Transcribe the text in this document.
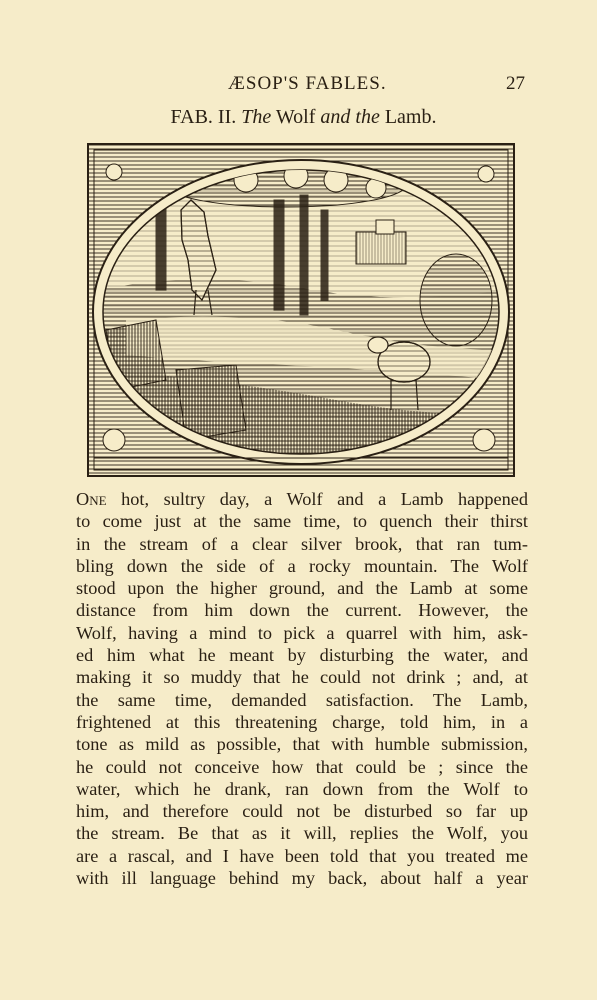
ÆSOP'S FABLES.	27
FAB. II. The Wolf and the Lamb.
One hot, sultry day, a Wolf and a Lamb happened
to come just at the same time, to quench their thirst
in the stream of a clear silver brook, that ran tum-
bling down the side of a rocky mountain. The Wolf
stood upon the higher ground, and the Lamb at some
distance from him down the current. However, the
Wolf, having a mind to pick a quarrel with him, ask-
ed him what he meant by disturbing the water, and
making it so muddy that he could not drink ; and, at
the same time, demanded satisfaction. The Lamb,
frightened at this threatening charge, told him, in a
tone as mild as possible, that with humble submission,
he could not conceive how that could be ; since the
water, which he drank, ran down from the Wolf to
him, and therefore could not be disturbed so far up
the stream. Be that as it will, replies the Wolf, you
are a rascal, and I have been told that you treated me
with ill language behind my back, about half a year
